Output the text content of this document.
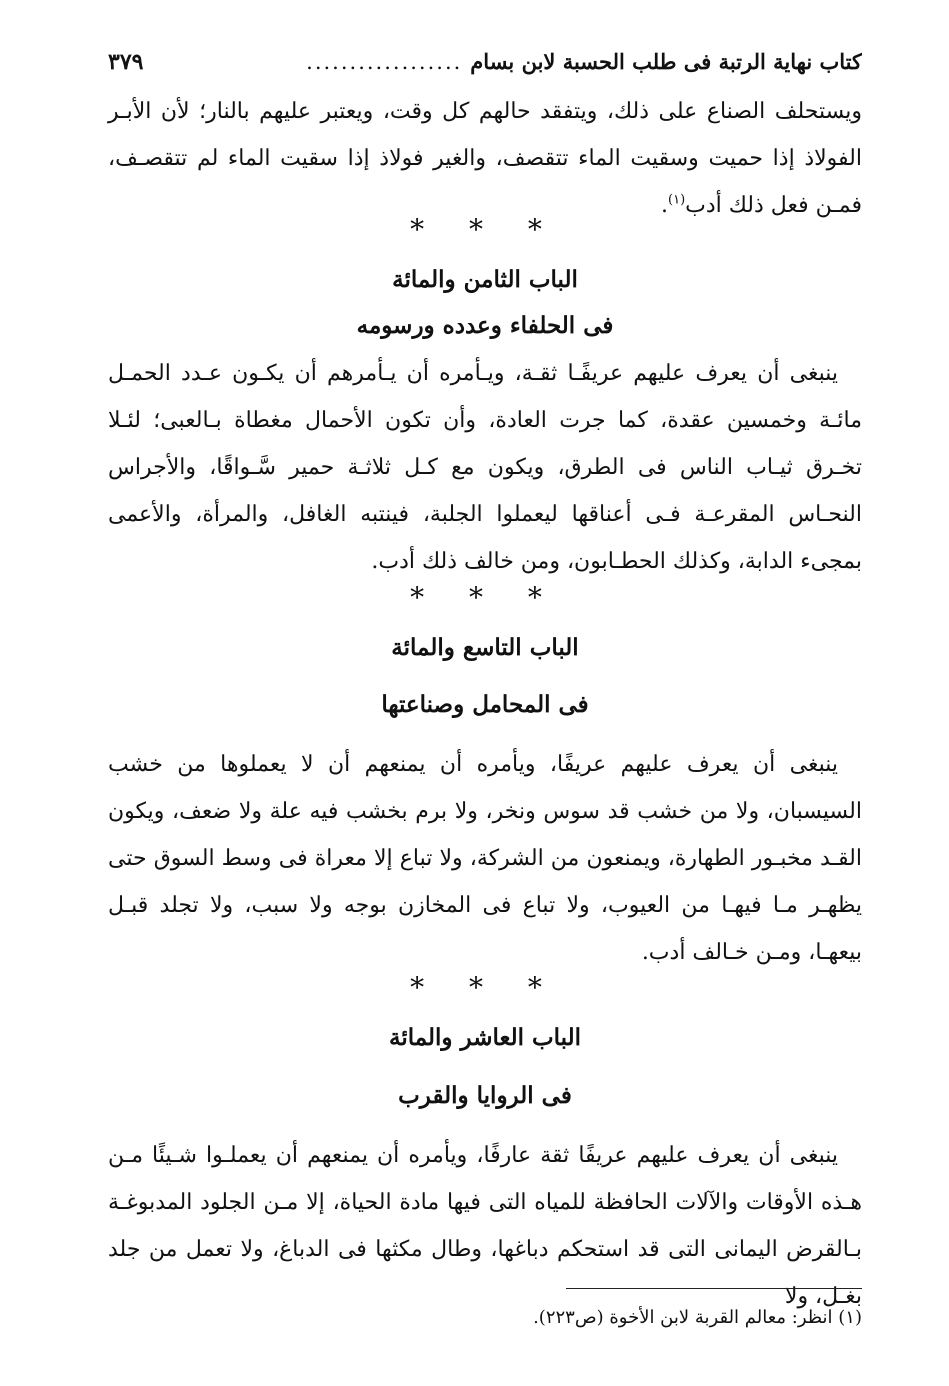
كتاب نهاية الرتبة فى طلب الحسبة لابن بسام
..................
٣٧٩
ويستحلف الصناع على ذلك، ويتفقد حالهم كل وقت، ويعتبر عليهم بالنار؛ لأن الأبـر الفولاذ إذا حميت وسقيت الماء تتقصف، والغير فولاذ إذا سقيت الماء لم تتقصـف، فمـن فعل ذلك أدب$^{(١)}$.
* * *
الباب الثامن والمائة
فى الحلفاء وعدده ورسومه
ينبغى أن يعرف عليهم عريفًـا ثقـة، ويـأمره أن يـأمرهم أن يكـون عـدد الحمـل مائـة وخمسين عقدة، كما جرت العادة، وأن تكون الأحمال مغطاة بـالعبى؛ لئـلا تخـرق ثيـاب الناس فى الطرق، ويكون مع كـل ثلاثـة حمير سَّـواقًا، والأجراس النحـاس المقرعـة فـى أعناقها ليعملوا الجلبة، فينتبه الغافل، والمرأة، والأعمى بمجىء الدابة، وكذلك الحطـابون، ومن خالف ذلك أدب.
* * *
الباب التاسع والمائة
فى المحامل وصناعتها
ينبغى أن يعرف عليهم عريفًا، ويأمره أن يمنعهم أن لا يعملوها من خشب السيسبان، ولا من خشب قد سوس ونخر، ولا برم بخشب فيه علة ولا ضعف، ويكون القـد مخبـور الطهارة، ويمنعون من الشركة، ولا تباع إلا معراة فى وسط السوق حتى يظهـر مـا فيهـا من العيوب، ولا تباع فى المخازن بوجه ولا سبب، ولا تجلد قبـل بيعهـا، ومـن خـالف أدب.
* * *
الباب العاشر والمائة
فى الروايا والقرب
ينبغى أن يعرف عليهم عريفًا ثقة عارفًا، ويأمره أن يمنعهم أن يعملـوا شـيئًا مـن هـذه الأوقات والآلات الحافظة للمياه التى فيها مادة الحياة، إلا مـن الجلود المدبوغـة بـالقرض اليمانى التى قد استحكم دباغها، وطال مكثها فى الدباغ، ولا تعمل من جلد بغـل، ولا
(١) انظر: معالم القربة لابن الأخوة (ص٢٢٣).
